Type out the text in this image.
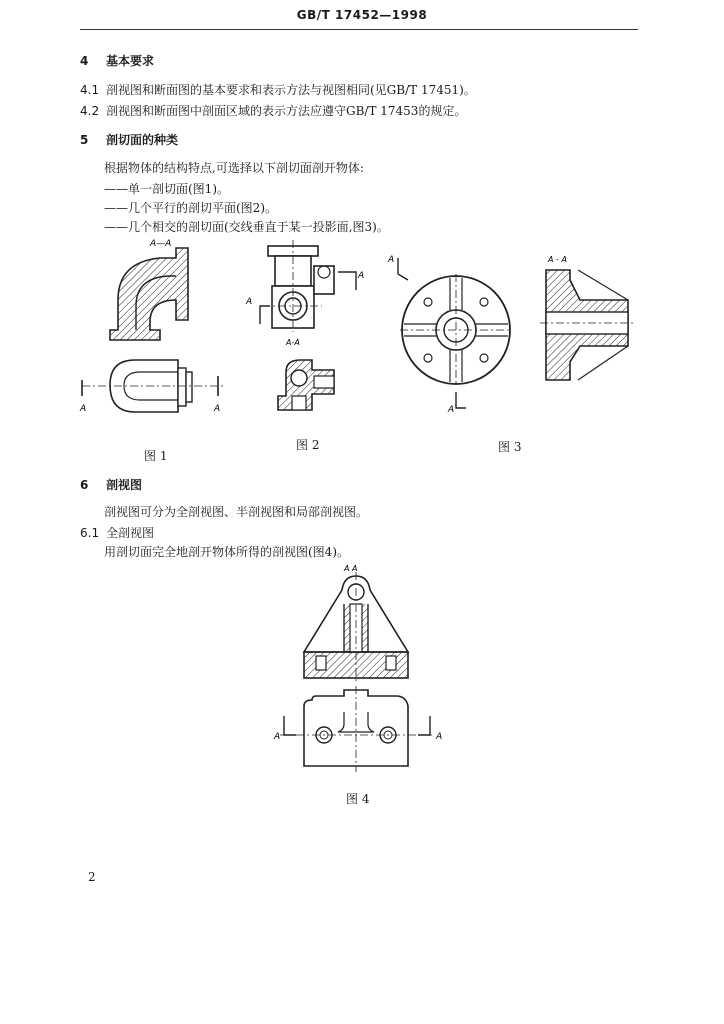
GB/T 17452—1998
4 基本要求
4.1 剖视图和断面图的基本要求和表示方法与视图相同(见GB/T 17451)。
4.2 剖视图和断面图中剖面区域的表示方法应遵守GB/T 17453的规定。
5 剖切面的种类
根据物体的结构特点,可选择以下剖切面剖开物体:
——单一剖切面(图1)。
——几个平行的剖切平面(图2)。
——几个相交的剖切面(交线垂直于某一投影面,图3)。
A—A
A	A
A
A
A-A
A
A
A - A
图 1
图 2	图 3
6 剖视图
剖视图可分为全剖视图、半剖视图和局部剖视图。
6.1 全剖视图
用剖切面完全地剖开物体所得的剖视图(图4)。
A A
A	A
图 4
2
